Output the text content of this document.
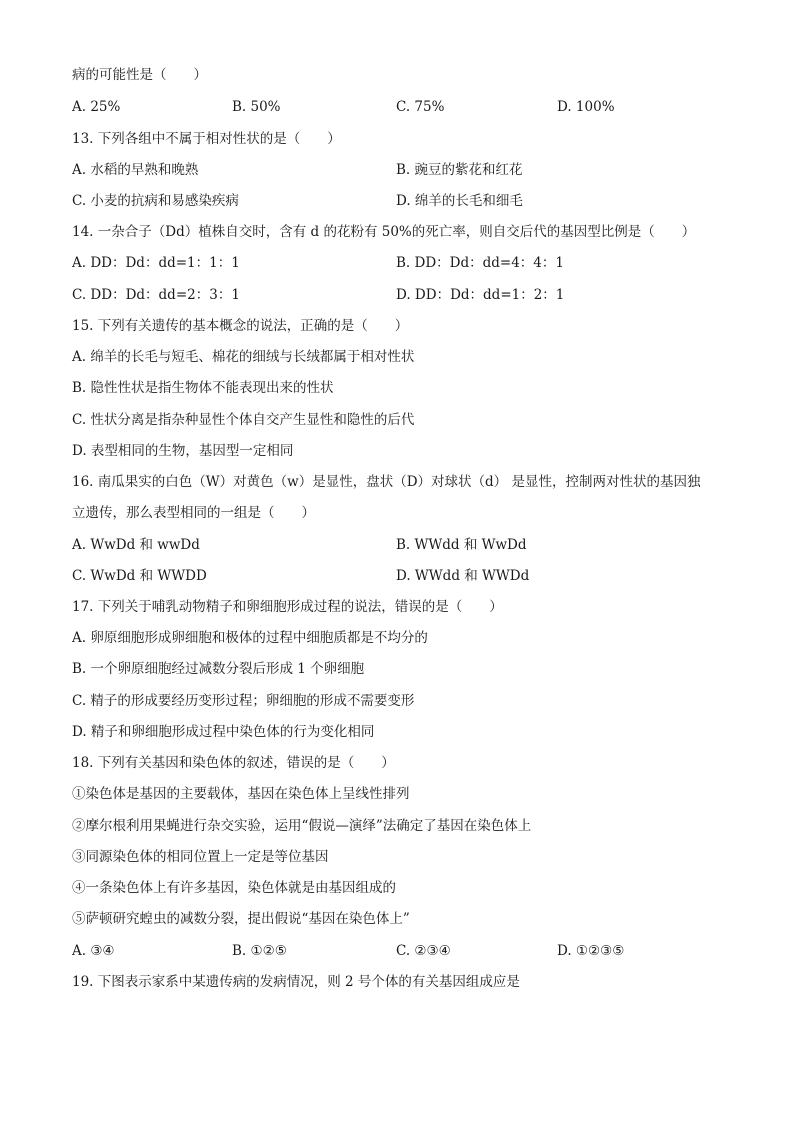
病的可能性是（　　）
A. 25%	B. 50%	C. 75%	D. 100%
13. 下列各组中不属于相对性状的是（　　）
A. 水稻的早熟和晚熟	B. 豌豆的紫花和红花
C. 小麦的抗病和易感染疾病	D. 绵羊的长毛和细毛
14. 一杂合子（Dd）植株自交时，含有 d 的花粉有 50%的死亡率，则自交后代的基因型比例是（　　）
A. DD：Dd：dd=1：1：1	B. DD：Dd：dd=4：4：1
C. DD：Dd：dd=2：3：1	D. DD：Dd：dd=1：2：1
15. 下列有关遗传的基本概念的说法，正确的是（　　）
A. 绵羊的长毛与短毛、棉花的细绒与长绒都属于相对性状
B. 隐性性状是指生物体不能表现出来的性状
C. 性状分离是指杂种显性个体自交产生显性和隐性的后代
D. 表型相同的生物，基因型一定相同
16. 南瓜果实的白色（W）对黄色（w）是显性，盘状（D）对球状（d） 是显性，控制两对性状的基因独
立遗传，那么表型相同的一组是（　　）
A. WwDd 和 wwDd	B. WWdd 和 WwDd
C. WwDd 和 WWDD	D. WWdd 和 WWDd
17. 下列关于哺乳动物精子和卵细胞形成过程的说法，错误的是（　　）
A. 卵原细胞形成卵细胞和极体的过程中细胞质都是不均分的
B. 一个卵原细胞经过减数分裂后形成 1 个卵细胞
C. 精子的形成要经历变形过程；卵细胞的形成不需要变形
D. 精子和卵细胞形成过程中染色体的行为变化相同
18. 下列有关基因和染色体的叙述，错误的是（　　）
①染色体是基因的主要载体，基因在染色体上呈线性排列
②摩尔根利用果蝇进行杂交实验，运用“假说—演绎”法确定了基因在染色体上
③同源染色体的相同位置上一定是等位基因
④一条染色体上有许多基因，染色体就是由基因组成的
⑤萨顿研究蝗虫的减数分裂，提出假说“基因在染色体上”
A. ③④	B. ①②⑤	C. ②③④	D. ①②③⑤
19. 下图表示家系中某遗传病的发病情况，则 2 号个体的有关基因组成应是
